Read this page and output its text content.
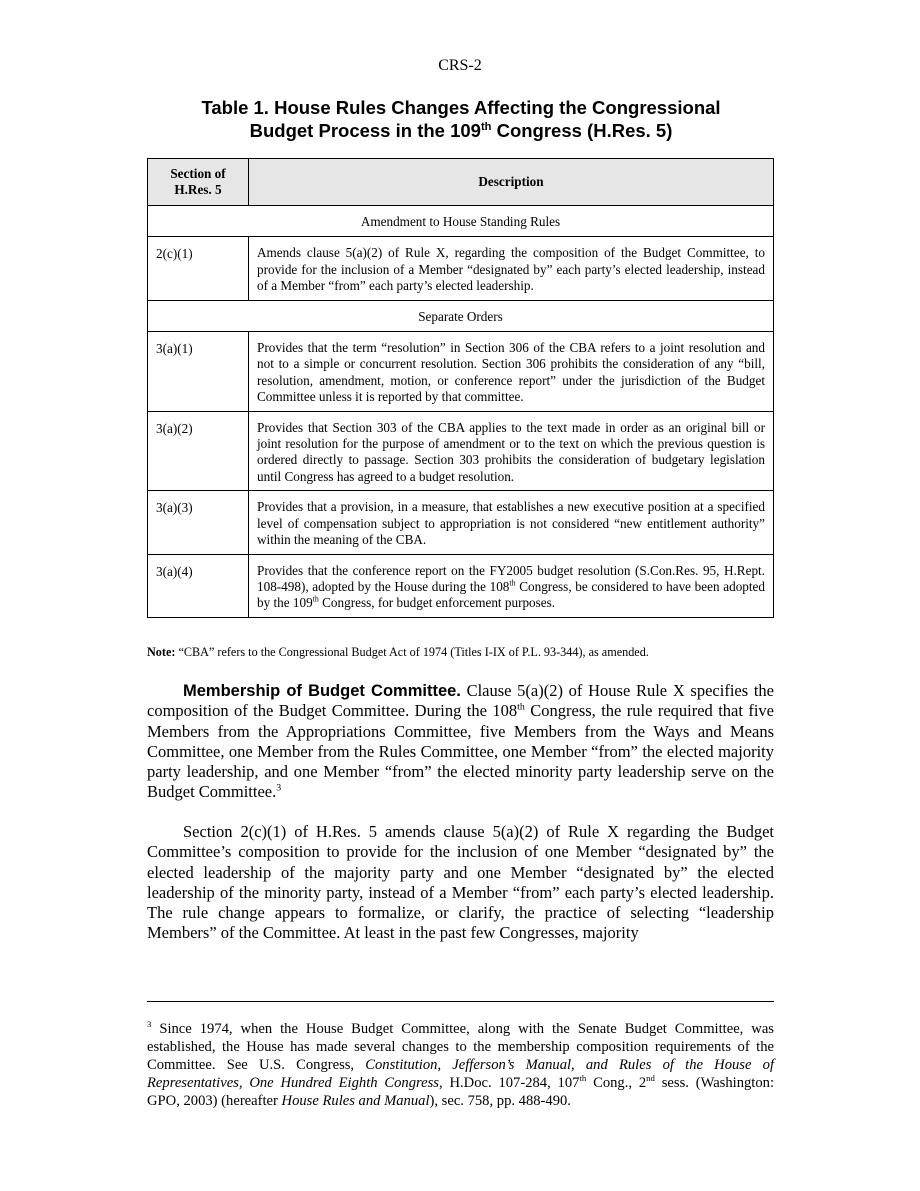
CRS-2
Table 1. House Rules Changes Affecting the Congressional
Budget Process in the 109th Congress (H.Res. 5)
Section of
H.Res. 5	Description
Amendment to House Standing Rules	
2(c)(1)	Amends clause 5(a)(2) of Rule X, regarding the composition of the Budget Committee, to provide for the inclusion of a Member “designated by” each party’s elected leadership, instead of a Member “from” each party’s elected leadership.
Separate Orders	
3(a)(1)	Provides that the term “resolution” in Section 306 of the CBA refers to a joint resolution and not to a simple or concurrent resolution. Section 306 prohibits the consideration of any “bill, resolution, amendment, motion, or conference report” under the jurisdiction of the Budget Committee unless it is reported by that committee.
3(a)(2)	Provides that Section 303 of the CBA applies to the text made in order as an original bill or joint resolution for the purpose of amendment or to the text on which the previous question is ordered directly to passage. Section 303 prohibits the consideration of budgetary legislation until Congress has agreed to a budget resolution.
3(a)(3)	Provides that a provision, in a measure, that establishes a new executive position at a specified level of compensation subject to appropriation is not considered “new entitlement authority” within the meaning of the CBA.
3(a)(4)	Provides that the conference report on the FY2005 budget resolution (S.Con.Res. 95, H.Rept. 108-498), adopted by the House during the 108th Congress, be considered to have been adopted by the 109th Congress, for budget enforcement purposes.
Note: “CBA” refers to the Congressional Budget Act of 1974 (Titles I-IX of P.L. 93-344), as amended.
Membership of Budget Committee. Clause 5(a)(2) of House Rule X specifies the composition of the Budget Committee. During the 108th Congress, the rule required that five Members from the Appropriations Committee, five Members from the Ways and Means Committee, one Member from the Rules Committee, one Member “from” the elected majority party leadership, and one Member “from” the elected minority party leadership serve on the Budget Committee.$^3$
Section 2(c)(1) of H.Res. 5 amends clause 5(a)(2) of Rule X regarding the Budget Committee’s composition to provide for the inclusion of one Member “designated by” the elected leadership of the majority party and one Member “designated by” the elected leadership of the minority party, instead of a Member “from” each party’s elected leadership. The rule change appears to formalize, or clarify, the practice of selecting “leadership Members” of the Committee. At least in the past few Congresses, majority
$^3$ Since 1974, when the House Budget Committee, along with the Senate Budget Committee, was established, the House has made several changes to the membership composition requirements of the Committee. See U.S. Congress, Constitution, Jefferson’s Manual, and Rules of the House of Representatives, One Hundred Eighth Congress, H.Doc. 107-284, 107th Cong., 2nd sess. (Washington: GPO, 2003) (hereafter House Rules and Manual), sec. 758, pp. 488-490.
